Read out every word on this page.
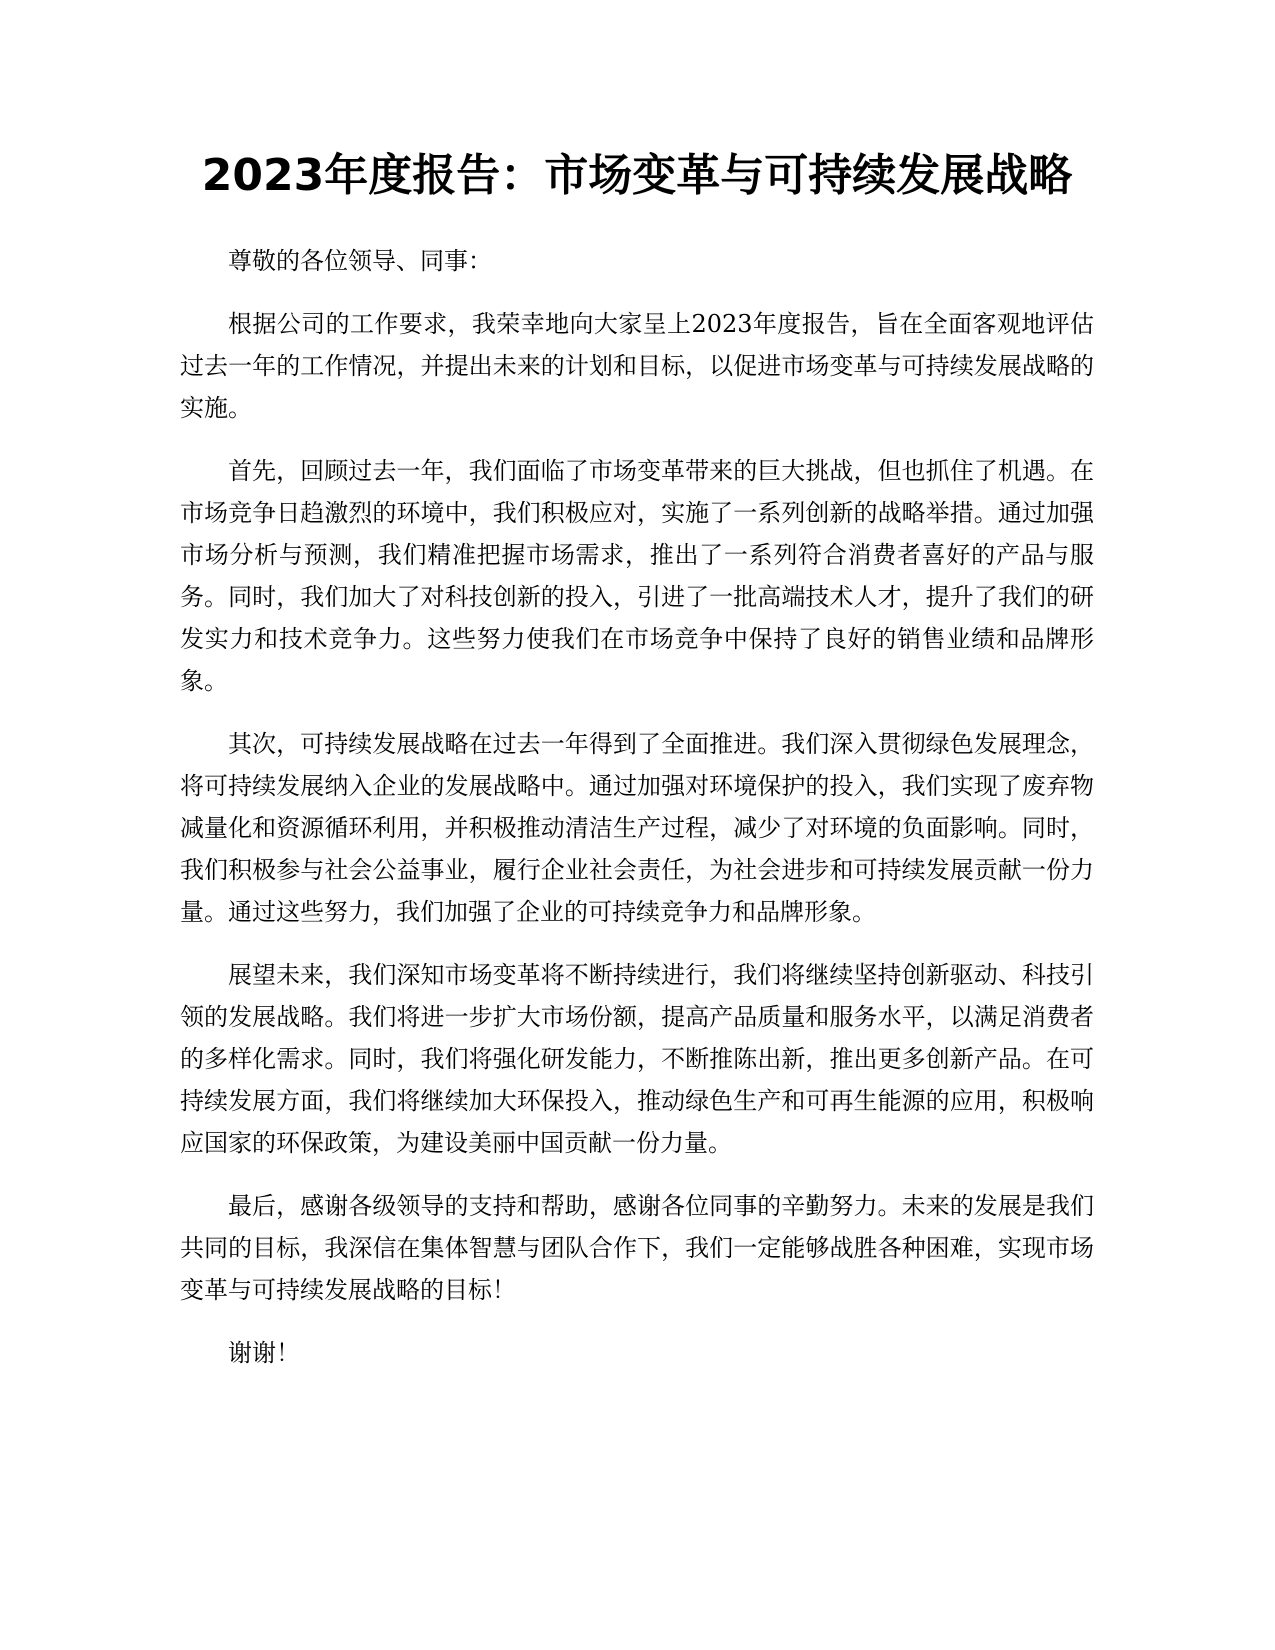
2023年度报告：市场变革与可持续发展战略

尊敬的各位领导、同事：

根据公司的工作要求，我荣幸地向大家呈上2023年度报告，旨在全面客观地评估过去一年的工作情况，并提出未来的计划和目标，以促进市场变革与可持续发展战略的实施。

首先，回顾过去一年，我们面临了市场变革带来的巨大挑战，但也抓住了机遇。在市场竞争日趋激烈的环境中，我们积极应对，实施了一系列创新的战略举措。通过加强市场分析与预测，我们精准把握市场需求，推出了一系列符合消费者喜好的产品与服务。同时，我们加大了对科技创新的投入，引进了一批高端技术人才，提升了我们的研发实力和技术竞争力。这些努力使我们在市场竞争中保持了良好的销售业绩和品牌形象。

其次，可持续发展战略在过去一年得到了全面推进。我们深入贯彻绿色发展理念，将可持续发展纳入企业的发展战略中。通过加强对环境保护的投入，我们实现了废弃物减量化和资源循环利用，并积极推动清洁生产过程，减少了对环境的负面影响。同时，我们积极参与社会公益事业，履行企业社会责任，为社会进步和可持续发展贡献一份力量。通过这些努力，我们加强了企业的可持续竞争力和品牌形象。

展望未来，我们深知市场变革将不断持续进行，我们将继续坚持创新驱动、科技引领的发展战略。我们将进一步扩大市场份额，提高产品质量和服务水平，以满足消费者的多样化需求。同时，我们将强化研发能力，不断推陈出新，推出更多创新产品。在可持续发展方面，我们将继续加大环保投入，推动绿色生产和可再生能源的应用，积极响应国家的环保政策，为建设美丽中国贡献一份力量。

最后，感谢各级领导的支持和帮助，感谢各位同事的辛勤努力。未来的发展是我们共同的目标，我深信在集体智慧与团队合作下，我们一定能够战胜各种困难，实现市场变革与可持续发展战略的目标！

谢谢！
